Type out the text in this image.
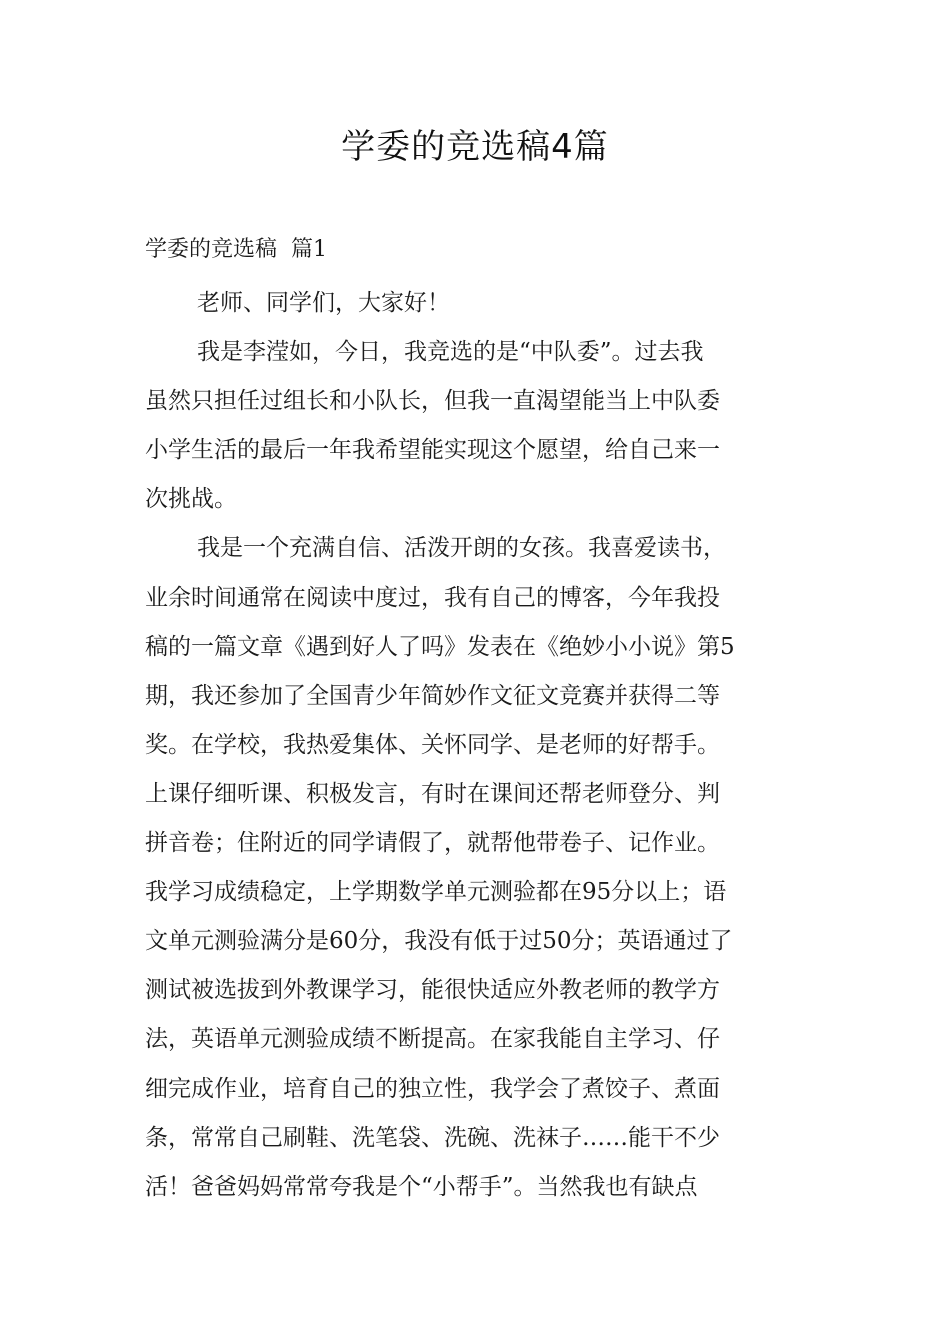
学委的竞选稿4篇
学委的竞选稿  篇1
老师、同学们，大家好！
我是李滢如，今日，我竞选的是“中队委”。过去我
虽然只担任过组长和小队长，但我一直渴望能当上中队委
小学生活的最后一年我希望能实现这个愿望，给自己来一
次挑战。
我是一个充满自信、活泼开朗的女孩。我喜爱读书，
业余时间通常在阅读中度过，我有自己的博客，今年我投
稿的一篇文章《遇到好人了吗》发表在《绝妙小小说》第5
期，我还参加了全国青少年简妙作文征文竞赛并获得二等
奖。在学校，我热爱集体、关怀同学、是老师的好帮手。
上课仔细听课、积极发言，有时在课间还帮老师登分、判
拼音卷；住附近的同学请假了，就帮他带卷子、记作业。
我学习成绩稳定，上学期数学单元测验都在95分以上；语
文单元测验满分是60分，我没有低于过50分；英语通过了
测试被选拔到外教课学习，能很快适应外教老师的教学方
法，英语单元测验成绩不断提高。在家我能自主学习、仔
细完成作业，培育自己的独立性，我学会了煮饺子、煮面
条，常常自己刷鞋、洗笔袋、洗碗、洗袜子……能干不少
活！爸爸妈妈常常夸我是个“小帮手”。当然我也有缺点
